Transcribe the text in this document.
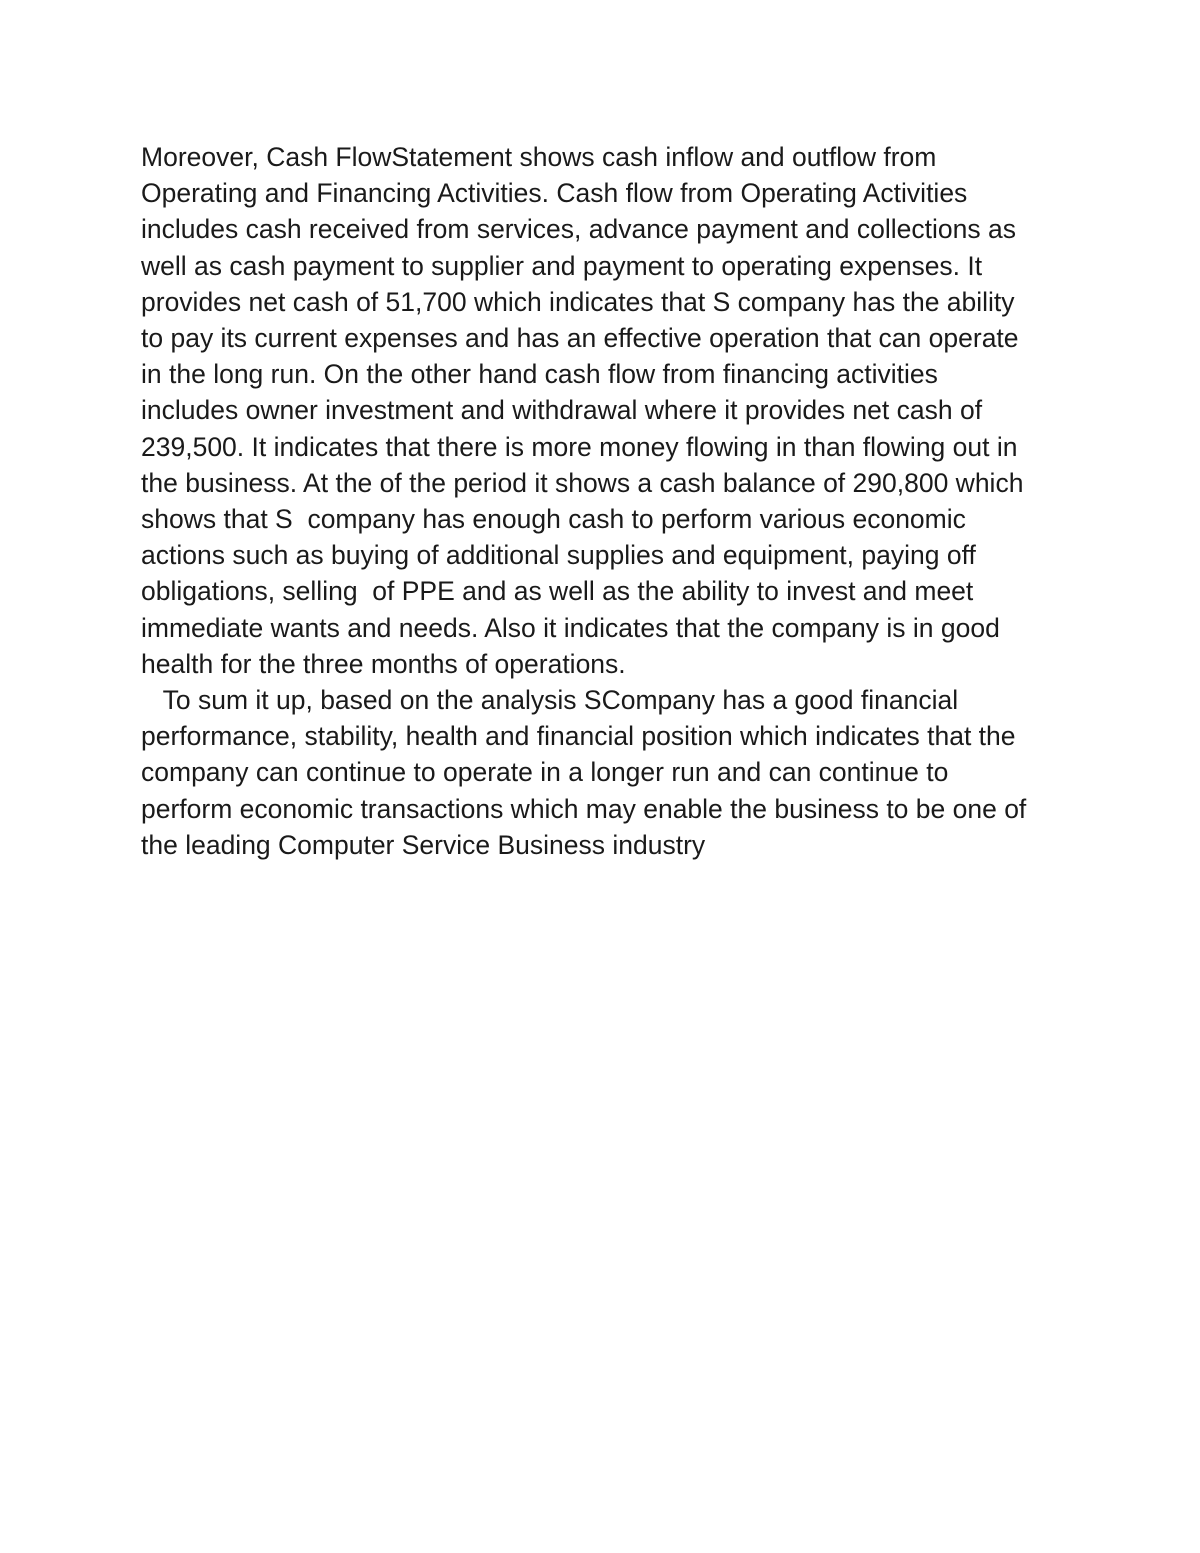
Moreover, Cash FlowStatement shows cash inflow and outflow from
Operating and Financing Activities. Cash flow from Operating Activities
includes cash received from services, advance payment and collections as
well as cash payment to supplier and payment to operating expenses. It
provides net cash of 51,700 which indicates that S company has the ability
to pay its current expenses and has an effective operation that can operate
in the long run. On the other hand cash flow from financing activities
includes owner investment and withdrawal where it provides net cash of
239,500. It indicates that there is more money flowing in than flowing out in
the business. At the of the period it shows a cash balance of 290,800 which
shows that S  company has enough cash to perform various economic
actions such as buying of additional supplies and equipment, paying off
obligations, selling  of PPE and as well as the ability to invest and meet
immediate wants and needs. Also it indicates that the company is in good
health for the three months of operations.
To sum it up, based on the analysis SCompany has a good financial
performance, stability, health and financial position which indicates that the
company can continue to operate in a longer run and can continue to
perform economic transactions which may enable the business to be one of
the leading Computer Service Business industry
